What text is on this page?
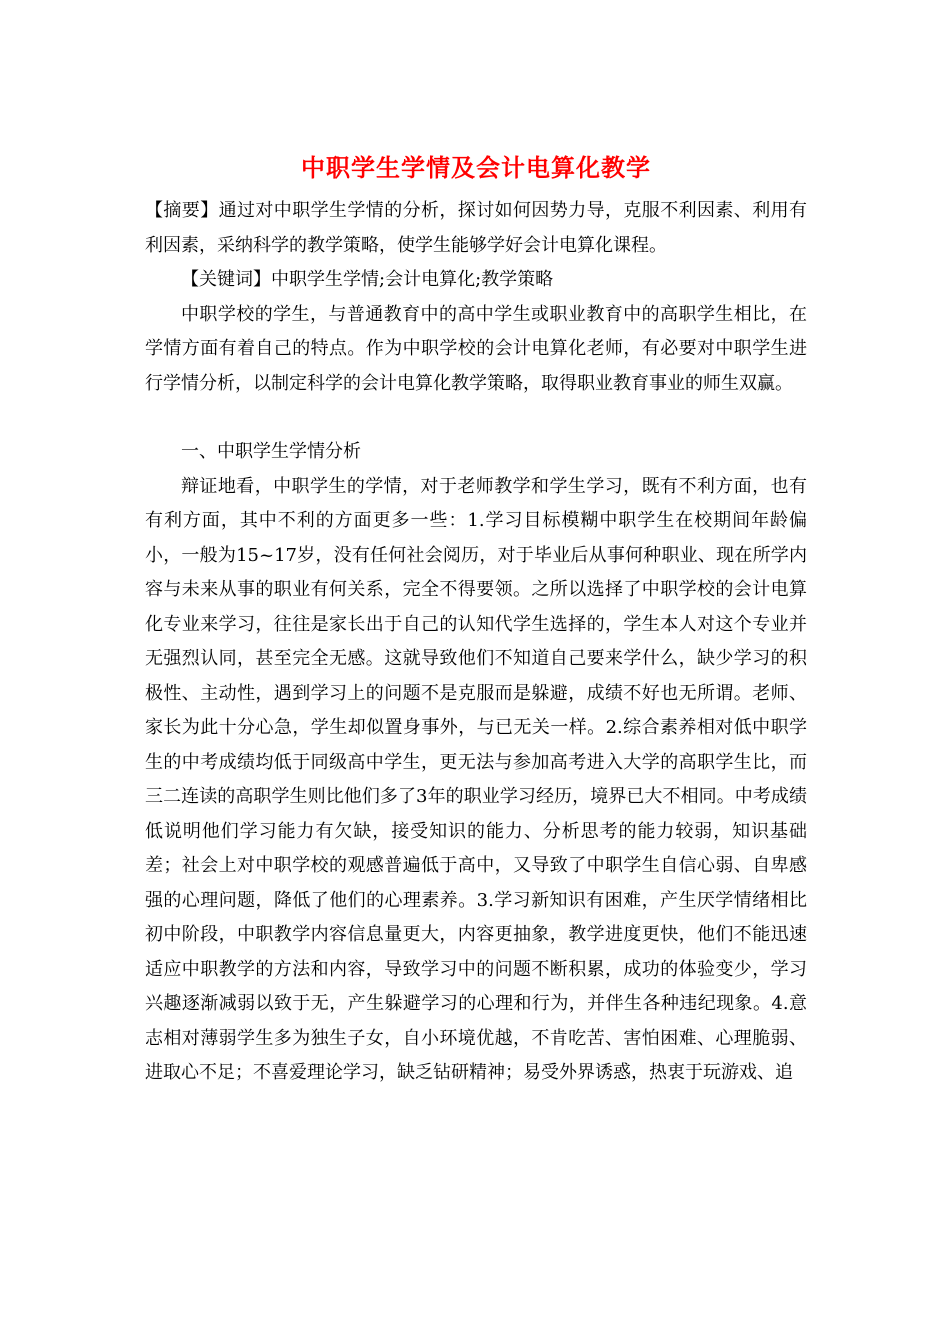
中职学生学情及会计电算化教学

【摘要】通过对中职学生学情的分析，探讨如何因势力导，克服不利因素、利用有利因素，采纳科学的教学策略，使学生能够学好会计电算化课程。

【关键词】中职学生学情;会计电算化;教学策略

中职学校的学生，与普通教育中的高中学生或职业教育中的高职学生相比，在学情方面有着自己的特点。作为中职学校的会计电算化老师，有必要对中职学生进行学情分析，以制定科学的会计电算化教学策略，取得职业教育事业的师生双赢。

一、中职学生学情分析

辩证地看，中职学生的学情，对于老师教学和学生学习，既有不利方面，也有有利方面，其中不利的方面更多一些：1.学习目标模糊中职学生在校期间年龄偏小，一般为15~17岁，没有任何社会阅历，对于毕业后从事何种职业、现在所学内容与未来从事的职业有何关系，完全不得要领。之所以选择了中职学校的会计电算化专业来学习，往往是家长出于自己的认知代学生选择的，学生本人对这个专业并无强烈认同，甚至完全无感。这就导致他们不知道自己要来学什么，缺少学习的积极性、主动性，遇到学习上的问题不是克服而是躲避，成绩不好也无所谓。老师、家长为此十分心急，学生却似置身事外，与已无关一样。2.综合素养相对低中职学生的中考成绩均低于同级高中学生，更无法与参加高考进入大学的高职学生比，而三二连读的高职学生则比他们多了3年的职业学习经历，境界已大不相同。中考成绩低说明他们学习能力有欠缺，接受知识的能力、分析思考的能力较弱，知识基础差；社会上对中职学校的观感普遍低于高中，又导致了中职学生自信心弱、自卑感强的心理问题，降低了他们的心理素养。3.学习新知识有困难，产生厌学情绪相比初中阶段，中职教学内容信息量更大，内容更抽象，教学进度更快，他们不能迅速适应中职教学的方法和内容，导致学习中的问题不断积累，成功的体验变少，学习兴趣逐渐减弱以致于无，产生躲避学习的心理和行为，并伴生各种违纪现象。4.意志相对薄弱学生多为独生子女，自小环境优越，不肯吃苦、害怕困难、心理脆弱、进取心不足；不喜爱理论学习，缺乏钻研精神；易受外界诱惑，热衷于玩游戏、追
